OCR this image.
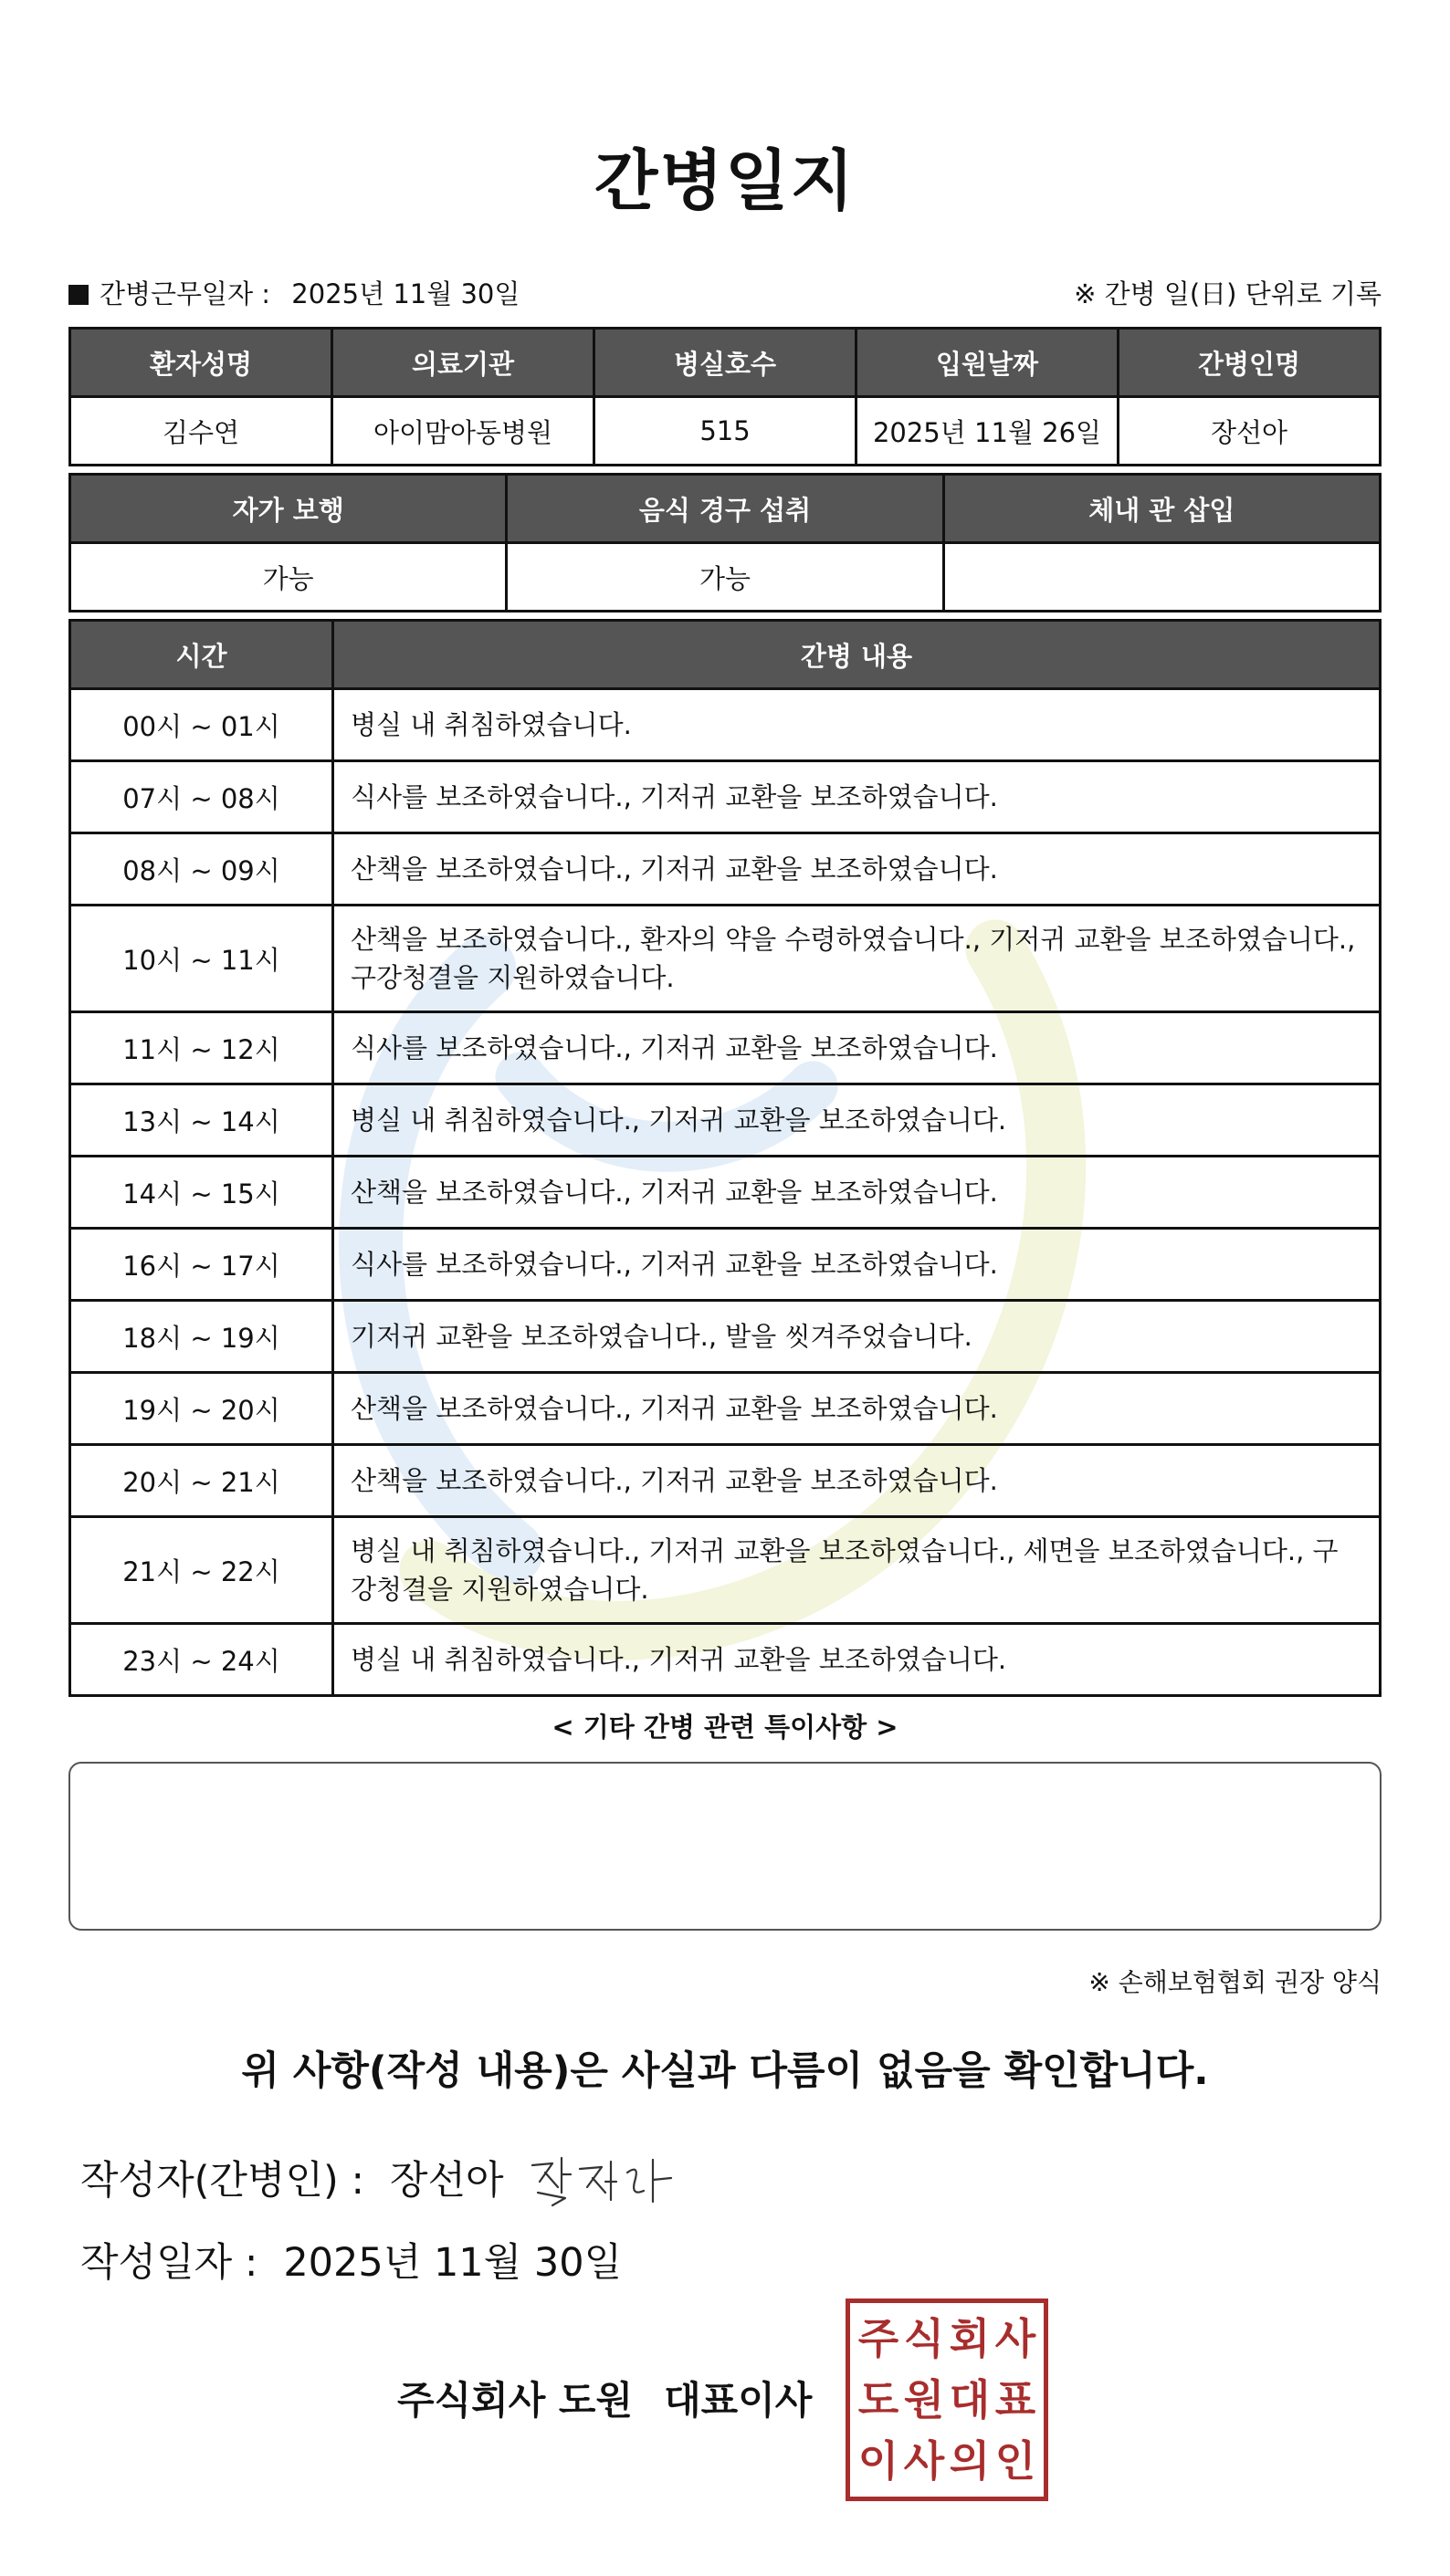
간병일지
간병근무일자 : 2025년 11월 30일	※ 간병 일(日) 단위로 기록
환자성명	의료기관	병실호수	입원날짜	간병인명
김수연	아이맘아동병원	515	2025년 11월 26일	장선아
자가 보행	음식 경구 섭취	체내 관 삽입
가능	가능	
시간	간병 내용
00시 ~ 01시	병실 내 취침하였습니다.
07시 ~ 08시	식사를 보조하였습니다., 기저귀 교환을 보조하였습니다.
08시 ~ 09시	산책을 보조하였습니다., 기저귀 교환을 보조하였습니다.
10시 ~ 11시	산책을 보조하였습니다., 환자의 약을 수령하였습니다., 기저귀 교환을 보조하였습니다., 구강청결을 지원하였습니다.
11시 ~ 12시	식사를 보조하였습니다., 기저귀 교환을 보조하였습니다.
13시 ~ 14시	병실 내 취침하였습니다., 기저귀 교환을 보조하였습니다.
14시 ~ 15시	산책을 보조하였습니다., 기저귀 교환을 보조하였습니다.
16시 ~ 17시	식사를 보조하였습니다., 기저귀 교환을 보조하였습니다.
18시 ~ 19시	기저귀 교환을 보조하였습니다., 발을 씻겨주었습니다.
19시 ~ 20시	산책을 보조하였습니다., 기저귀 교환을 보조하였습니다.
20시 ~ 21시	산책을 보조하였습니다., 기저귀 교환을 보조하였습니다.
21시 ~ 22시	병실 내 취침하였습니다., 기저귀 교환을 보조하였습니다., 세면을 보조하였습니다., 구강청결을 지원하였습니다.
23시 ~ 24시	병실 내 취침하였습니다., 기저귀 교환을 보조하였습니다.
< 기타 간병 관련 특이사항 >
※ 손해보험협회 권장 양식
위 사항(작성 내용)은 사실과 다름이 없음을 확인합니다.
작성자(간병인) : 장선아
작성일자 : 2025년 11월 30일
주식회사 도원 대표이사
주 식 회 사
도 원 대 표
이 사 의 인
